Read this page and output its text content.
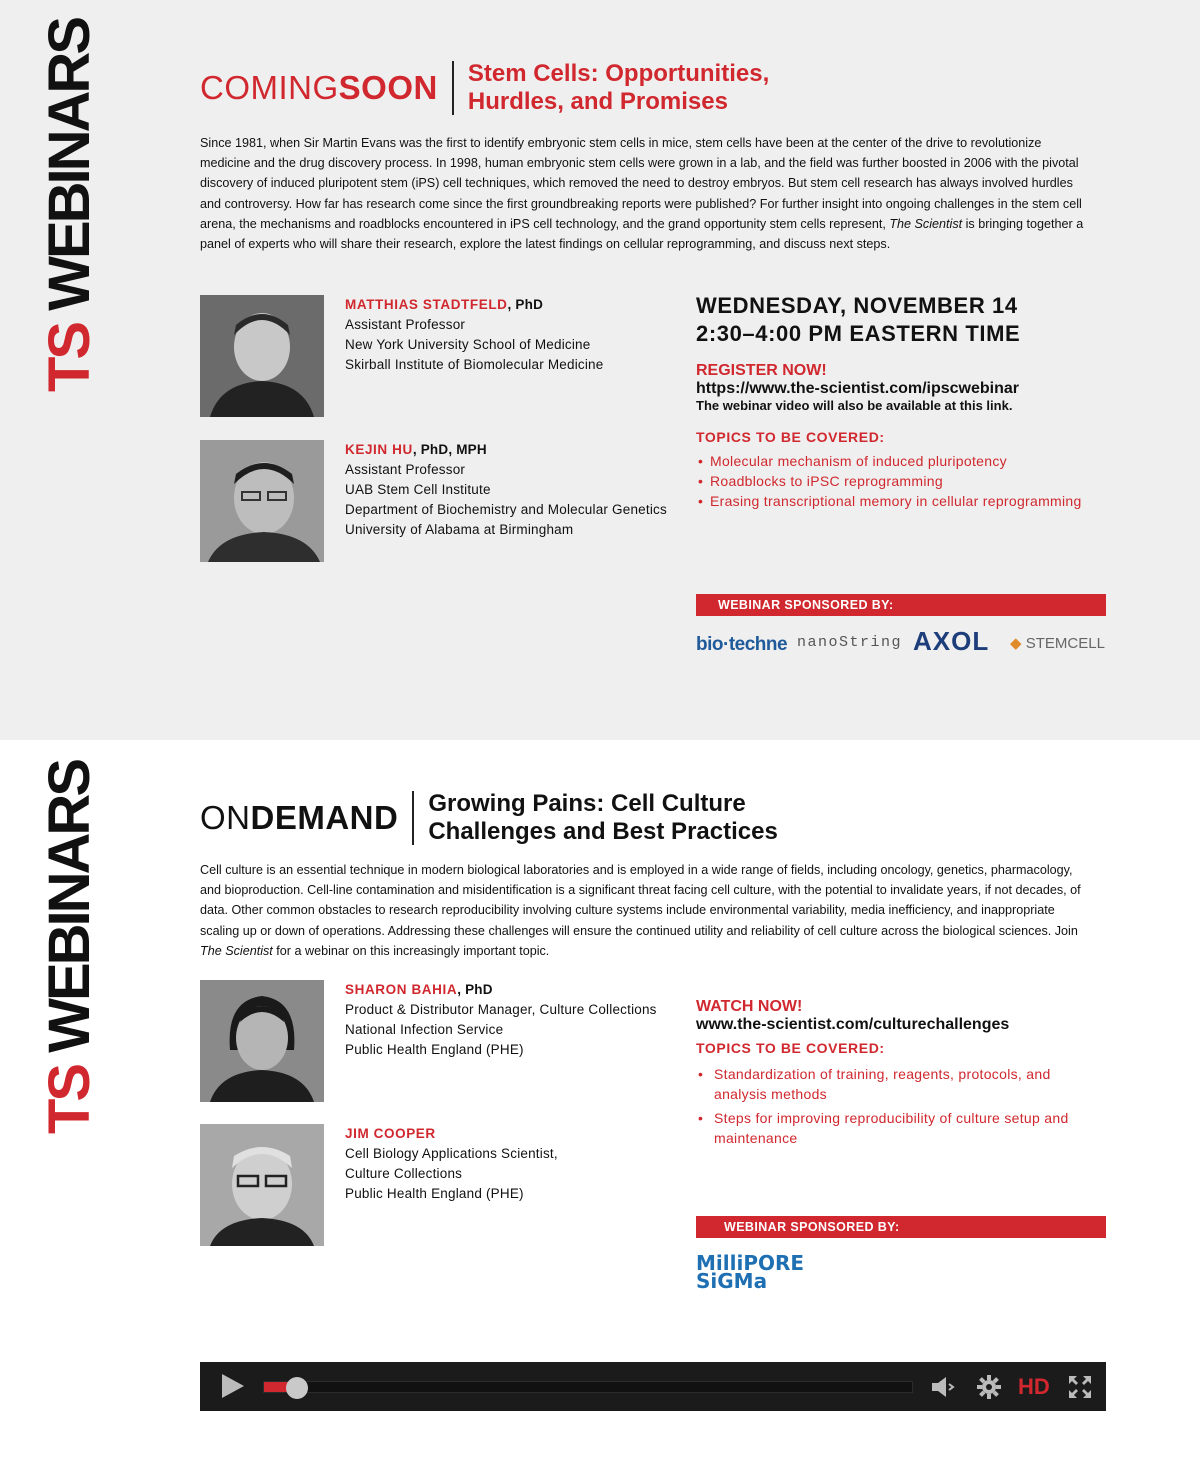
TS WEBINARS	COMINGSOON	Stem Cells: Opportunities,
Hurdles, and Promises

Since 1981, when Sir Martin Evans was the first to identify embryonic stem cells in mice, stem cells have been at the center of the drive to revolutionize medicine and the drug discovery process. In 1998, human embryonic stem cells were grown in a lab, and the field was further boosted in 2006 with the pivotal discovery of induced pluripotent stem (iPS) cell techniques, which removed the need to destroy embryos. But stem cell research has always involved hurdles and controversy. How far has research come since the first groundbreaking reports were published? For further insight into ongoing challenges in the stem cell arena, the mechanisms and roadblocks encountered in iPS cell technology, and the grand opportunity stem cells represent, The Scientist is bringing together a panel of experts who will share their research, explore the latest findings on cellular reprogramming, and discuss next steps.

MATTHIAS STADTFELD, PhD
Assistant Professor
New York University School of Medicine
Skirball Institute of Biomolecular Medicine
KEJIN HU, PhD, MPH
Assistant Professor
UAB Stem Cell Institute
Department of Biochemistry and Molecular Genetics
University of Alabama at Birmingham
WEDNESDAY, NOVEMBER 14
2:30–4:00 PM EASTERN TIME
REGISTER NOW!
https://www.the-scientist.com/ipscwebinar
The webinar video will also be available at this link.
TOPICS TO BE COVERED:
• Molecular mechanism of induced pluripotency
• Roadblocks to iPSC reprogramming
• Erasing transcriptional memory in cellular reprogramming
WEBINAR SPONSORED BY:
bio·techne nanoString AXOL ◆ STEMCELL
TS WEBINARS	ONDEMAND	Growing Pains: Cell Culture
Challenges and Best Practices

Cell culture is an essential technique in modern biological laboratories and is employed in a wide range of fields, including oncology, genetics, pharmacology, and bioproduction. Cell-line contamination and misidentification is a significant threat facing cell culture, with the potential to invalidate years, if not decades, of data. Other common obstacles to research reproducibility involving culture systems include environmental variability, media inefficiency, and inappropriate scaling up or down of operations. Addressing these challenges will ensure the continued utility and reliability of cell culture across the biological sciences. Join The Scientist for a webinar on this increasingly important topic.

SHARON BAHIA, PhD
Product & Distributor Manager, Culture Collections
National Infection Service
Public Health England (PHE)
JIM COOPER
Cell Biology Applications Scientist,
Culture Collections
Public Health England (PHE)
WATCH NOW!
www.the-scientist.com/culturechallenges
TOPICS TO BE COVERED:
• Standardization of training, reagents, protocols, and analysis methods
• Steps for improving reproducibility of culture setup and maintenance
WEBINAR SPONSORED BY:
MilliPORE
SiGMa
HD
